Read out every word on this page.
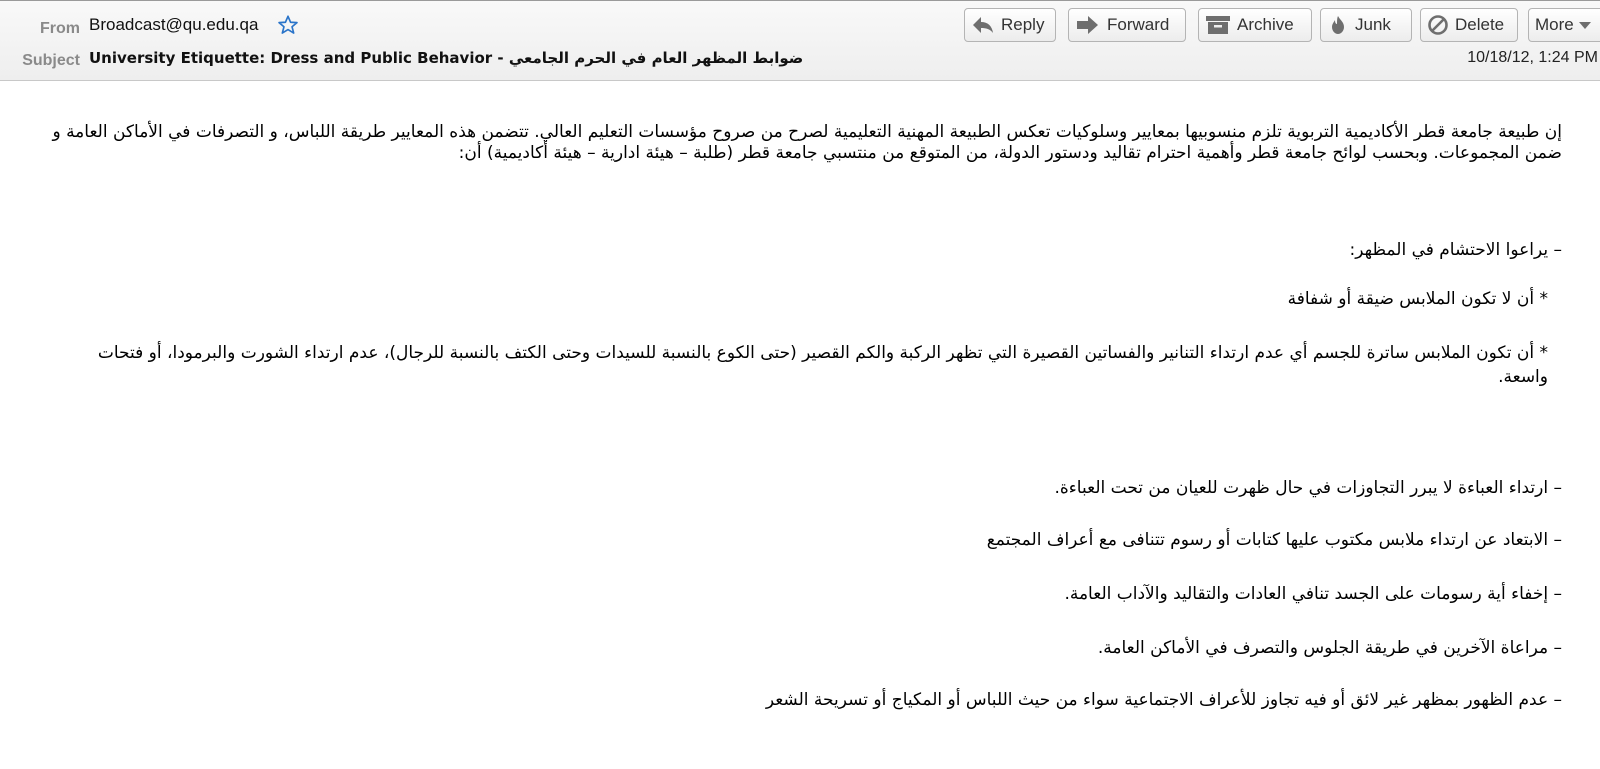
From Broadcast@qu.edu.qa
Subject University Etiquette: Dress and Public Behavior - ضوابط المظهر العام في الحرم الجامعي	10/18/12, 1:24 PM
Reply	Forward	Archive	Junk	Delete More
إن طبيعة جامعة قطر الأكاديمية التربوية تلزم منسوبيها بمعايير وسلوكيات تعكس الطبيعة المهنية التعليمية لصرح من صروح مؤسسات التعليم العالي. تتضمن هذه المعايير طريقة اللباس، و التصرفات في الأماكن العامة و ضمن المجموعات. وبحسب لوائح جامعة قطر وأهمية احترام تقاليد ودستور الدولة، من المتوقع من منتسبي جامعة قطر (طلبة – هيئة ادارية – هيئة أكاديمية) أن:
– يراعوا الاحتشام في المظهر:
* أن لا تكون الملابس ضيقة أو شفافة
* أن تكون الملابس ساترة للجسم أي عدم ارتداء التنانير والفساتين القصيرة التي تظهر الركبة والكم القصير (حتى الكوع بالنسبة للسيدات وحتى الكتف بالنسبة للرجال)، عدم ارتداء الشورت والبرمودا، أو فتحات واسعة.
– ارتداء العباءة لا يبرر التجاوزات في حال ظهرت للعيان من تحت العباءة.
– الابتعاد عن ارتداء ملابس مكتوب عليها كتابات أو رسوم تتنافى مع أعراف المجتمع
– إخفاء أية رسومات على الجسد تنافي العادات والتقاليد والآداب العامة.
– مراعاة الآخرين في طريقة الجلوس والتصرف في الأماكن العامة.
– عدم الظهور بمظهر غير لائق أو فيه تجاوز للأعراف الاجتماعية سواء من حيث اللباس أو المكياج أو تسريحة الشعر
